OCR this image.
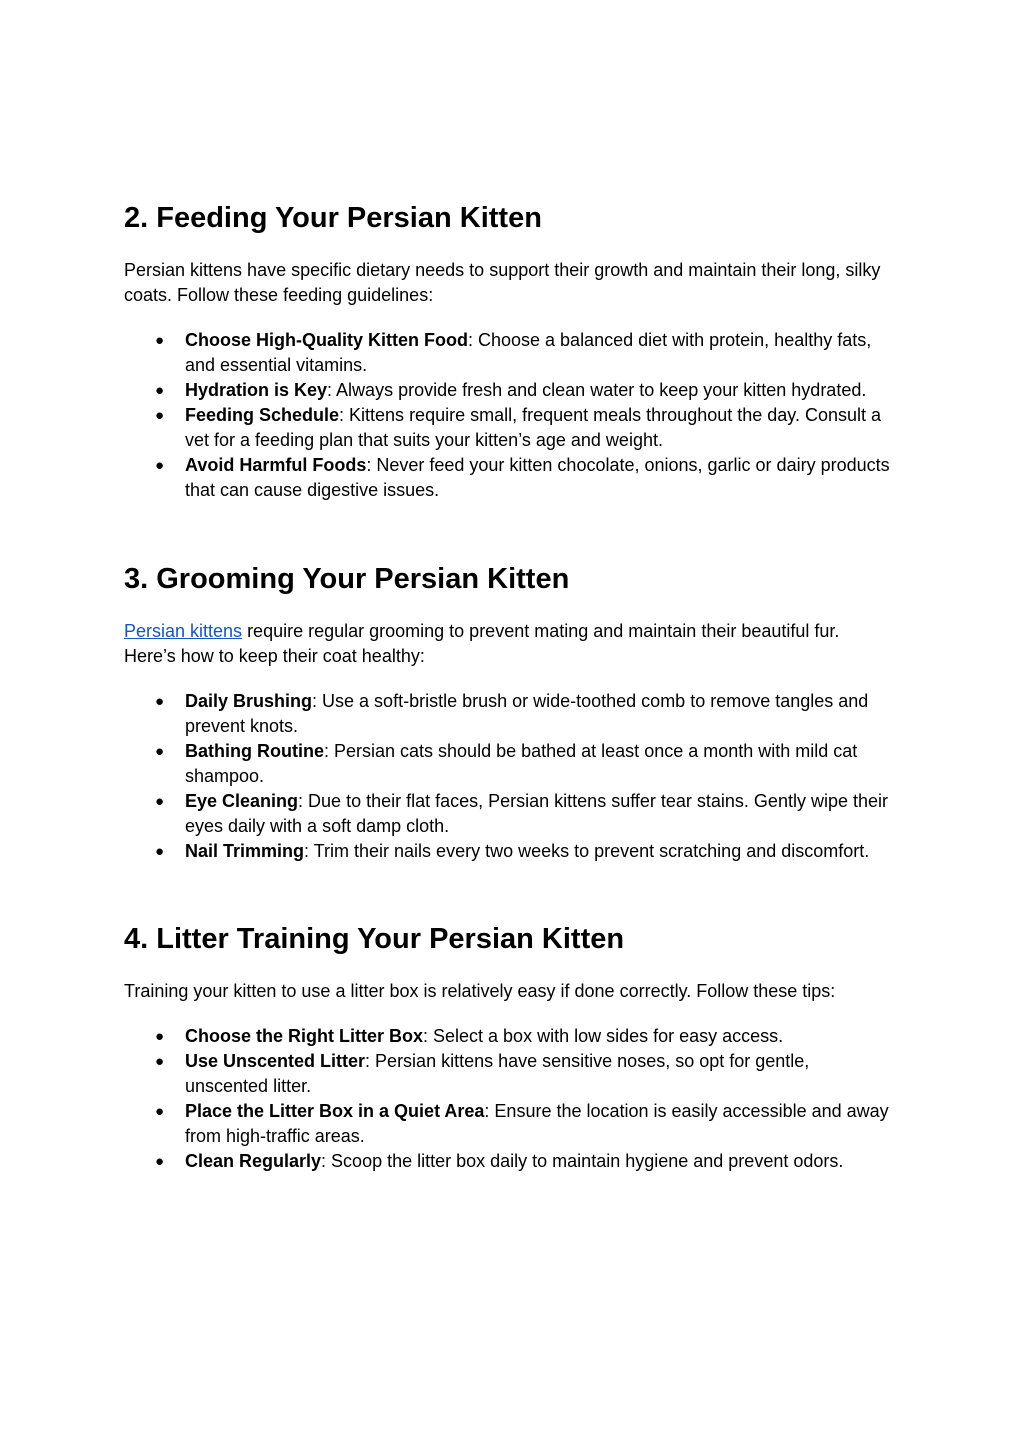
2. Feeding Your Persian Kitten

Persian kittens have specific dietary needs to support their growth and maintain their long, silky coats. Follow these feeding guidelines:

● Choose High-Quality Kitten Food: Choose a balanced diet with protein, healthy fats, and essential vitamins.
● Hydration is Key: Always provide fresh and clean water to keep your kitten hydrated.
● Feeding Schedule: Kittens require small, frequent meals throughout the day. Consult a vet for a feeding plan that suits your kitten’s age and weight.
● Avoid Harmful Foods: Never feed your kitten chocolate, onions, garlic or dairy products that can cause digestive issues.
3. Grooming Your Persian Kitten

Persian kittens require regular grooming to prevent mating and maintain their beautiful fur. Here’s how to keep their coat healthy:

● Daily Brushing: Use a soft-bristle brush or wide-toothed comb to remove tangles and prevent knots.
● Bathing Routine: Persian cats should be bathed at least once a month with mild cat shampoo.
● Eye Cleaning: Due to their flat faces, Persian kittens suffer tear stains. Gently wipe their eyes daily with a soft damp cloth.
● Nail Trimming: Trim their nails every two weeks to prevent scratching and discomfort.
4. Litter Training Your Persian Kitten

Training your kitten to use a litter box is relatively easy if done correctly. Follow these tips:

● Choose the Right Litter Box: Select a box with low sides for easy access.
● Use Unscented Litter: Persian kittens have sensitive noses, so opt for gentle, unscented litter.
● Place the Litter Box in a Quiet Area: Ensure the location is easily accessible and away from high-traffic areas.
● Clean Regularly: Scoop the litter box daily to maintain hygiene and prevent odors.
